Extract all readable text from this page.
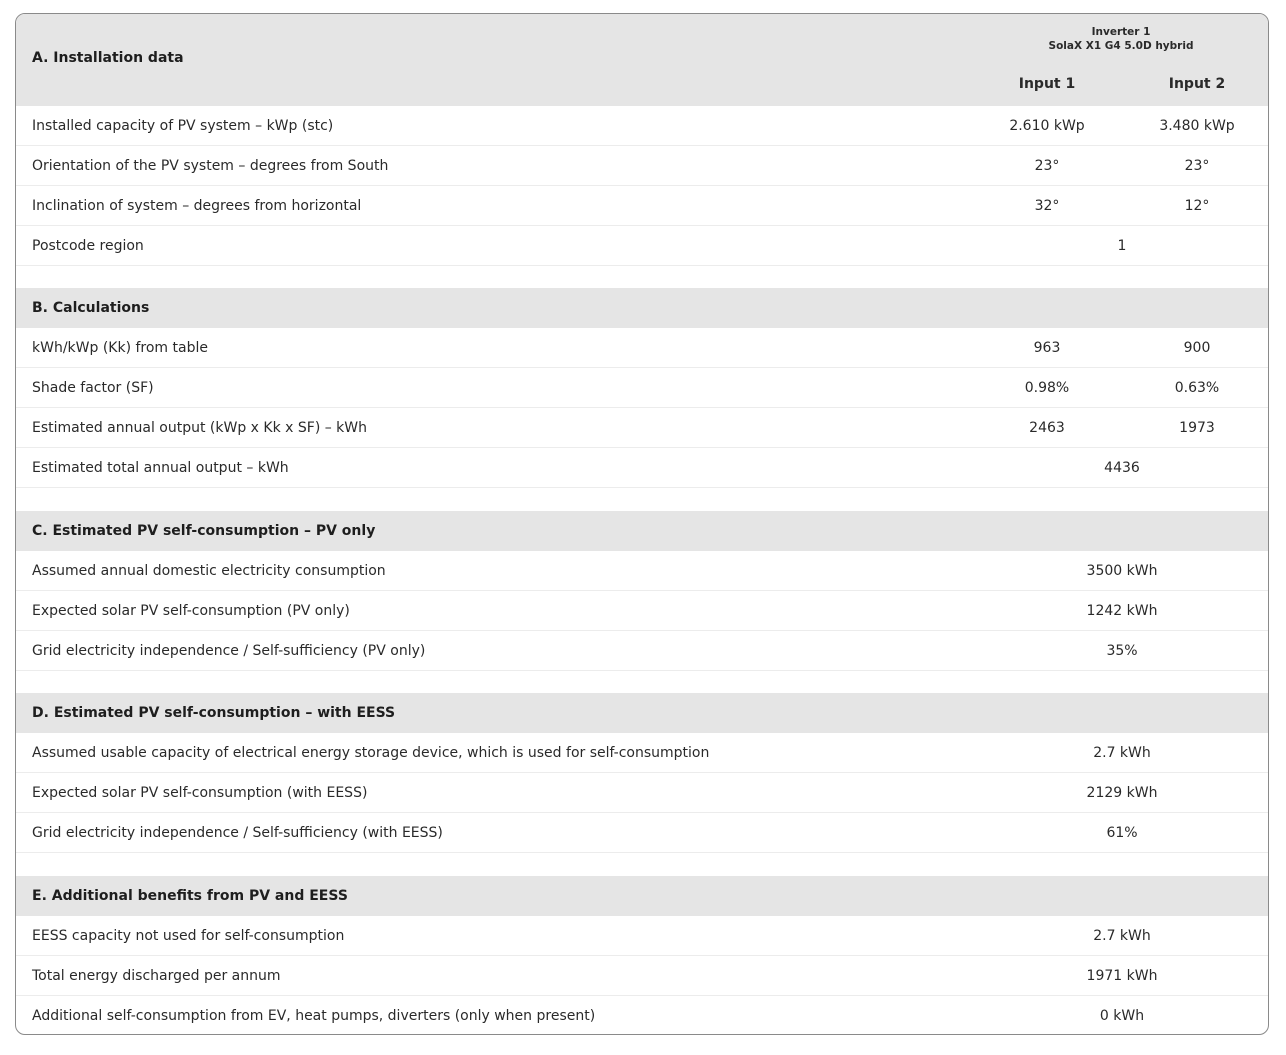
A. Installation data
Inverter 1
SolaX X1 G4 5.0D hybrid
Input 1	Input 2
Installed capacity of PV system – kWp (stc)	2.610 kWp	3.480 kWp
Orientation of the PV system – degrees from South	23°	23°
Inclination of system – degrees from horizontal	32°	12°
Postcode region	1
B. Calculations
kWh/kWp (Kk) from table	963	900
Shade factor (SF)	0.98%	0.63%
Estimated annual output (kWp x Kk x SF) – kWh	2463	1973
Estimated total annual output – kWh	4436
C. Estimated PV self-consumption – PV only
Assumed annual domestic electricity consumption	3500 kWh
Expected solar PV self-consumption (PV only)	1242 kWh
Grid electricity independence / Self-sufficiency (PV only)	35%
D. Estimated PV self-consumption – with EESS
Assumed usable capacity of electrical energy storage device, which is used for self-consumption	2.7 kWh
Expected solar PV self-consumption (with EESS)	2129 kWh
Grid electricity independence / Self-sufficiency (with EESS)	61%
E. Additional benefits from PV and EESS
EESS capacity not used for self-consumption	2.7 kWh
Total energy discharged per annum	1971 kWh
Additional self-consumption from EV, heat pumps, diverters (only when present)	0 kWh
